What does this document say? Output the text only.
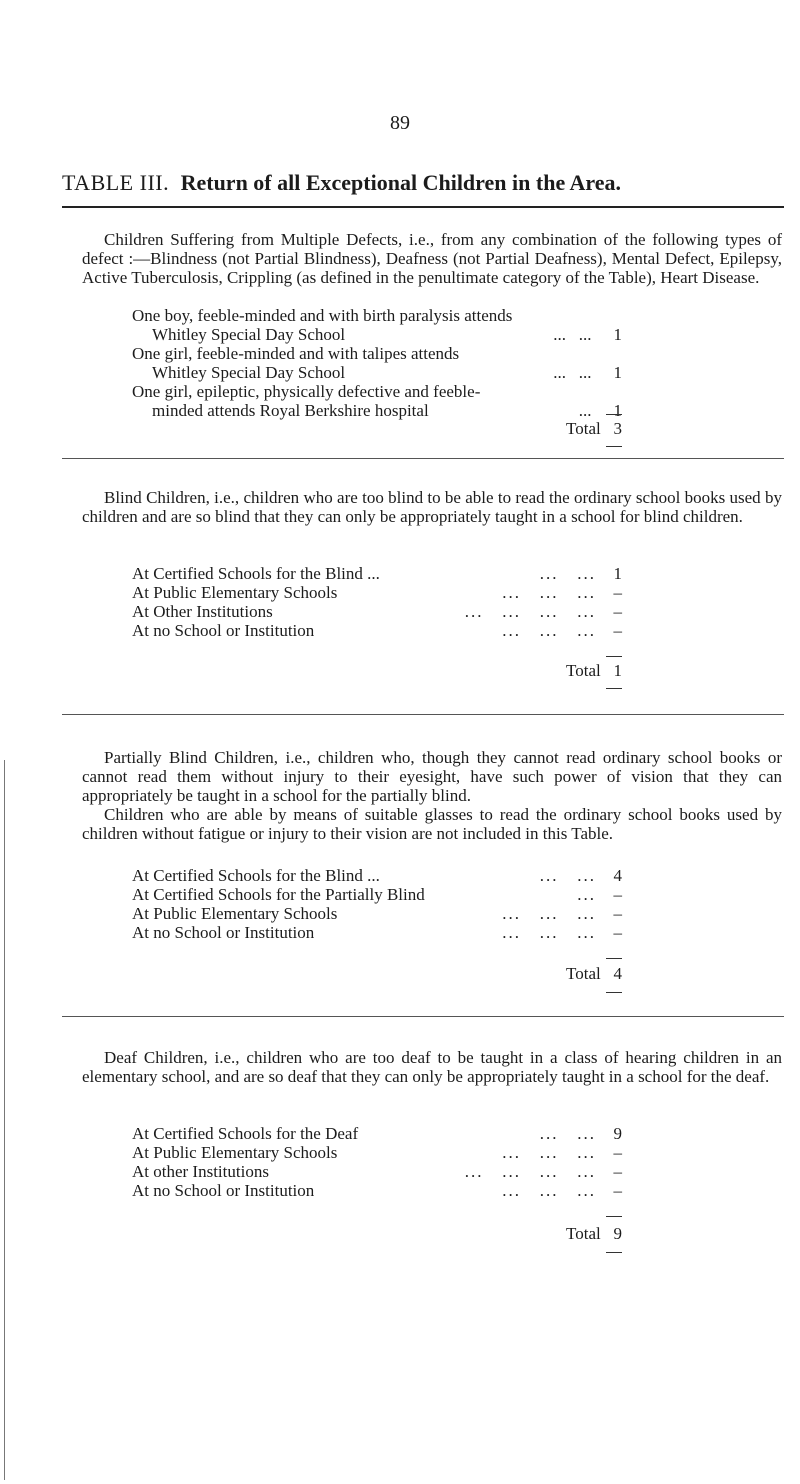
89
TABLE III. Return of all Exceptional Children in the Area.

Children Suffering from Multiple Defects, i.e., from any combination of the following types of defect :—Blindness (not Partial Blindness), Deafness (not Partial Deafness), Mental Defect, Epilepsy, Active Tuberculosis, Crippling (as defined in the penultimate category of the Table), Heart Disease.

One boy, feeble-minded and with birth paralysis attends
Whitley Special Day School	...   ... 1
One girl, feeble-minded and with talipes attends
Whitley Special Day School	...   ... 1
One girl, epileptic, physically defective and feeble-
minded attends Royal Berkshire hospital	... 1
Total 3

Blind Children, i.e., children who are too blind to be able to read the ordinary school books used by children and are so blind that they can only be appropriately taught in a school for blind children.

At Certified Schools for the Blind ...	...   ...	1
At Public Elementary Schools	...   ...   ...	–
At Other Institutions	...   ...   ...   ...	–
At no School or Institution	...   ...   ...	–
Total 1

Partially Blind Children, i.e., children who, though they cannot read ordinary school books or cannot read them without injury to their eyesight, have such power of vision that they can appropriately be taught in a school for the partially blind.

Children who are able by means of suitable glasses to read the ordinary school books used by children without fatigue or injury to their vision are not included in this Table.

At Certified Schools for the Blind ...	...   ...	4
At Certified Schools for the Partially Blind	...	–
At Public Elementary Schools	...   ...   ...	–
At no School or Institution	...   ...   ...	–
Total 4

Deaf Children, i.e., children who are too deaf to be taught in a class of hearing children in an elementary school, and are so deaf that they can only be appropriately taught in a school for the deaf.

At Certified Schools for the Deaf	...   ...	9
At Public Elementary Schools	...   ...   ...	–
At other Institutions	...   ...   ...   ...	–
At no School or Institution	...   ...   ...	–
Total 9
